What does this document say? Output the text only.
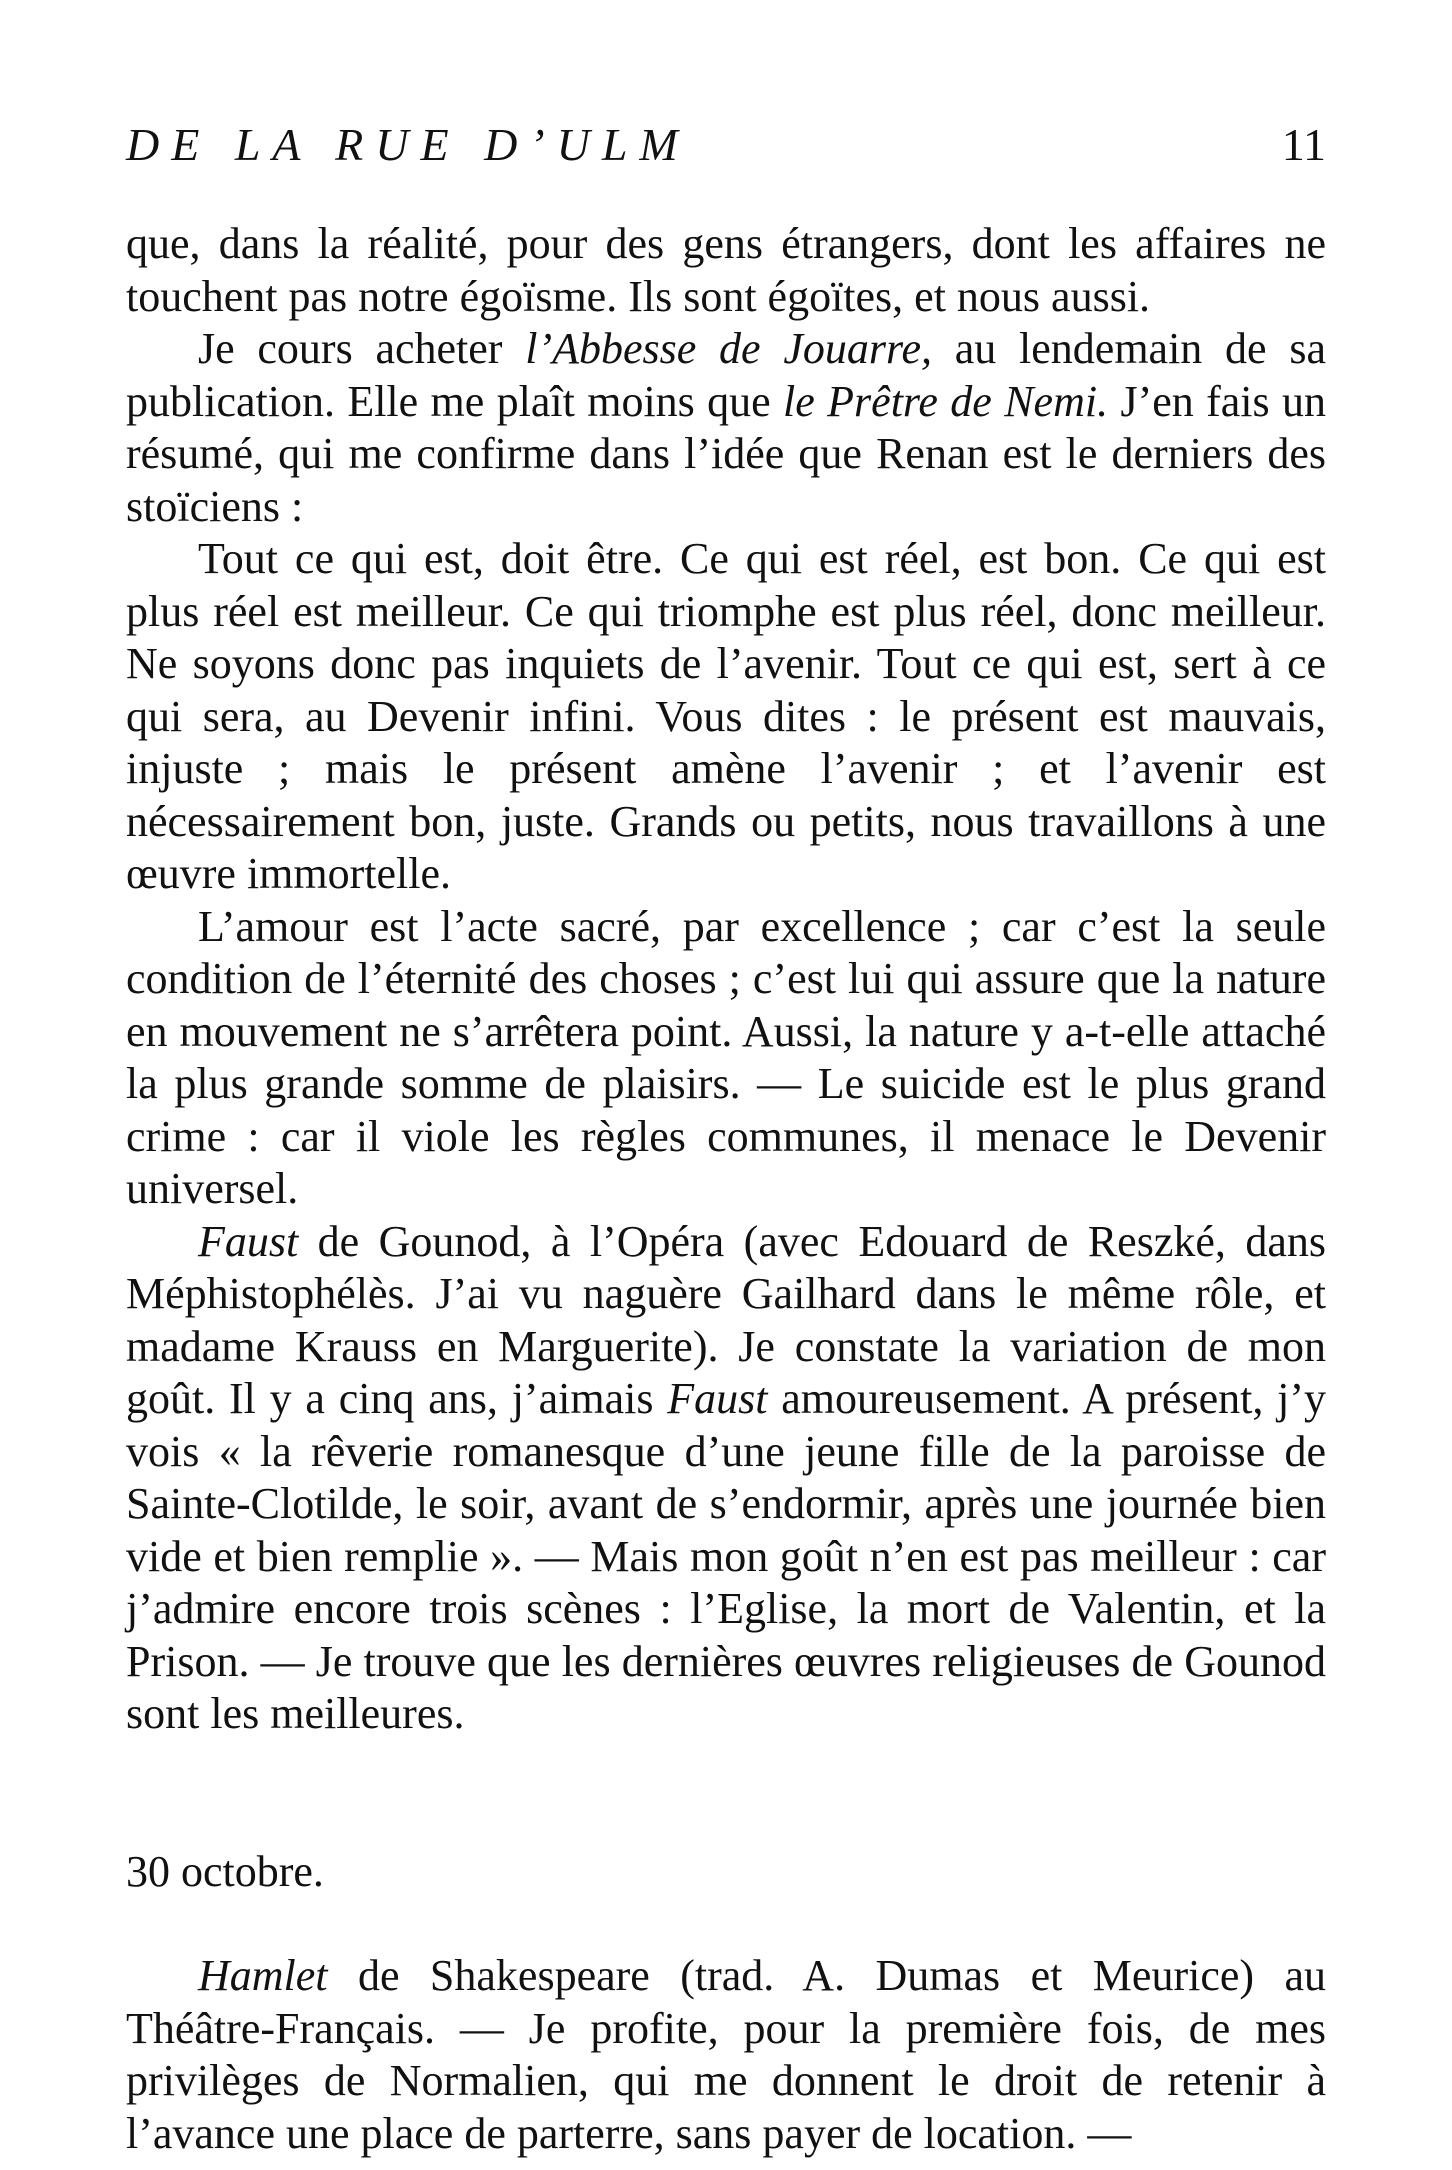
DE LA RUE D’ULM	11

que, dans la réalité, pour des gens étrangers, dont les affaires ne touchent pas notre égoïsme. Ils sont égoïtes, et nous aussi.

Je cours acheter l’Abbesse de Jouarre, au lendemain de sa publication. Elle me plaît moins que le Prêtre de Nemi. J’en fais un résumé, qui me confirme dans l’idée que Renan est le derniers des stoïciens :

Tout ce qui est, doit être. Ce qui est réel, est bon. Ce qui est plus réel est meilleur. Ce qui triomphe est plus réel, donc meilleur. Ne soyons donc pas inquiets de l’avenir. Tout ce qui est, sert à ce qui sera, au Devenir infini. Vous dites : le présent est mauvais, injuste ; mais le présent amène l’avenir ; et l’avenir est nécessairement bon, juste. Grands ou petits, nous travaillons à une œuvre immortelle.

L’amour est l’acte sacré, par excellence ; car c’est la seule condition de l’éternité des choses ; c’est lui qui assure que la nature en mouvement ne s’arrêtera point. Aussi, la nature y a-t-elle attaché la plus grande somme de plaisirs. — Le suicide est le plus grand crime : car il viole les règles communes, il menace le Devenir universel.

Faust de Gounod, à l’Opéra (avec Edouard de Reszké, dans Méphistophélès. J’ai vu naguère Gailhard dans le même rôle, et madame Krauss en Marguerite). Je constate la variation de mon goût. Il y a cinq ans, j’aimais Faust amoureusement. A présent, j’y vois « la rêverie romanesque d’une jeune fille de la paroisse de Sainte-Clotilde, le soir, avant de s’endormir, après une journée bien vide et bien remplie ». — Mais mon goût n’en est pas meilleur : car j’admire encore trois scènes : l’Eglise, la mort de Valentin, et la Prison. — Je trouve que les dernières œuvres religieuses de Gounod sont les meilleures.

30 octobre.

Hamlet de Shakespeare (trad. A. Dumas et Meurice) au Théâtre-Français. — Je profite, pour la première fois, de mes privilèges de Normalien, qui me donnent le droit de retenir à l’avance une place de parterre, sans payer de location. —
